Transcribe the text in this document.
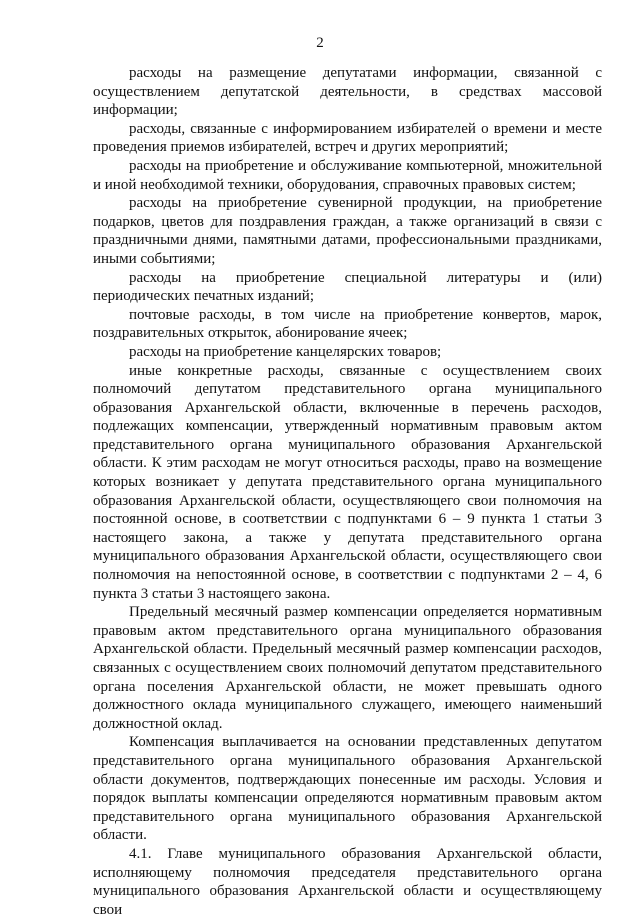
2

расходы на размещение депутатами информации, связанной с осуществлением депутатской деятельности, в средствах массовой информации;

расходы, связанные с информированием избирателей о времени и месте проведения приемов избирателей, встреч и других мероприятий;

расходы на приобретение и обслуживание компьютерной, множительной и иной необходимой техники, оборудования, справочных правовых систем;

расходы на приобретение сувенирной продукции, на приобретение подарков, цветов для поздравления граждан, а также организаций в связи с праздничными днями, памятными датами, профессиональными праздниками, иными событиями;

расходы на приобретение специальной литературы и (или) периодических печатных изданий;

почтовые расходы, в том числе на приобретение конвертов, марок, поздравительных открыток, абонирование ячеек;

расходы на приобретение канцелярских товаров;

иные конкретные расходы, связанные с осуществлением своих полномочий депутатом представительного органа муниципального образования Архангельской области, включенные в перечень расходов, подлежащих компенсации, утвержденный нормативным правовым актом представительного органа муниципального образования Архангельской области. К этим расходам не могут относиться расходы, право на возмещение которых возникает у депутата представительного органа муниципального образования Архангельской области, осуществляющего свои полномочия на постоянной основе, в соответствии с подпунктами 6 – 9 пункта 1 статьи 3 настоящего закона, а также у депутата представительного органа муниципального образования Архангельской области, осуществляющего свои полномочия на непостоянной основе, в соответствии с подпунктами 2 – 4, 6 пункта 3 статьи 3 настоящего закона.

Предельный месячный размер компенсации определяется нормативным правовым актом представительного органа муниципального образования Архангельской области. Предельный месячный размер компенсации расходов, связанных с осуществлением своих полномочий депутатом представительного органа поселения Архангельской области, не может превышать одного должностного оклада муниципального служащего, имеющего наименьший должностной оклад.

Компенсация выплачивается на основании представленных депутатом представительного органа муниципального образования Архангельской области документов, подтверждающих понесенные им расходы. Условия и порядок выплаты компенсации определяются нормативным правовым актом представительного органа муниципального образования Архангельской области.

4.1. Главе муниципального образования Архангельской области, исполняющему полномочия председателя представительного органа муниципального образования Архангельской области и осуществляющему свои
